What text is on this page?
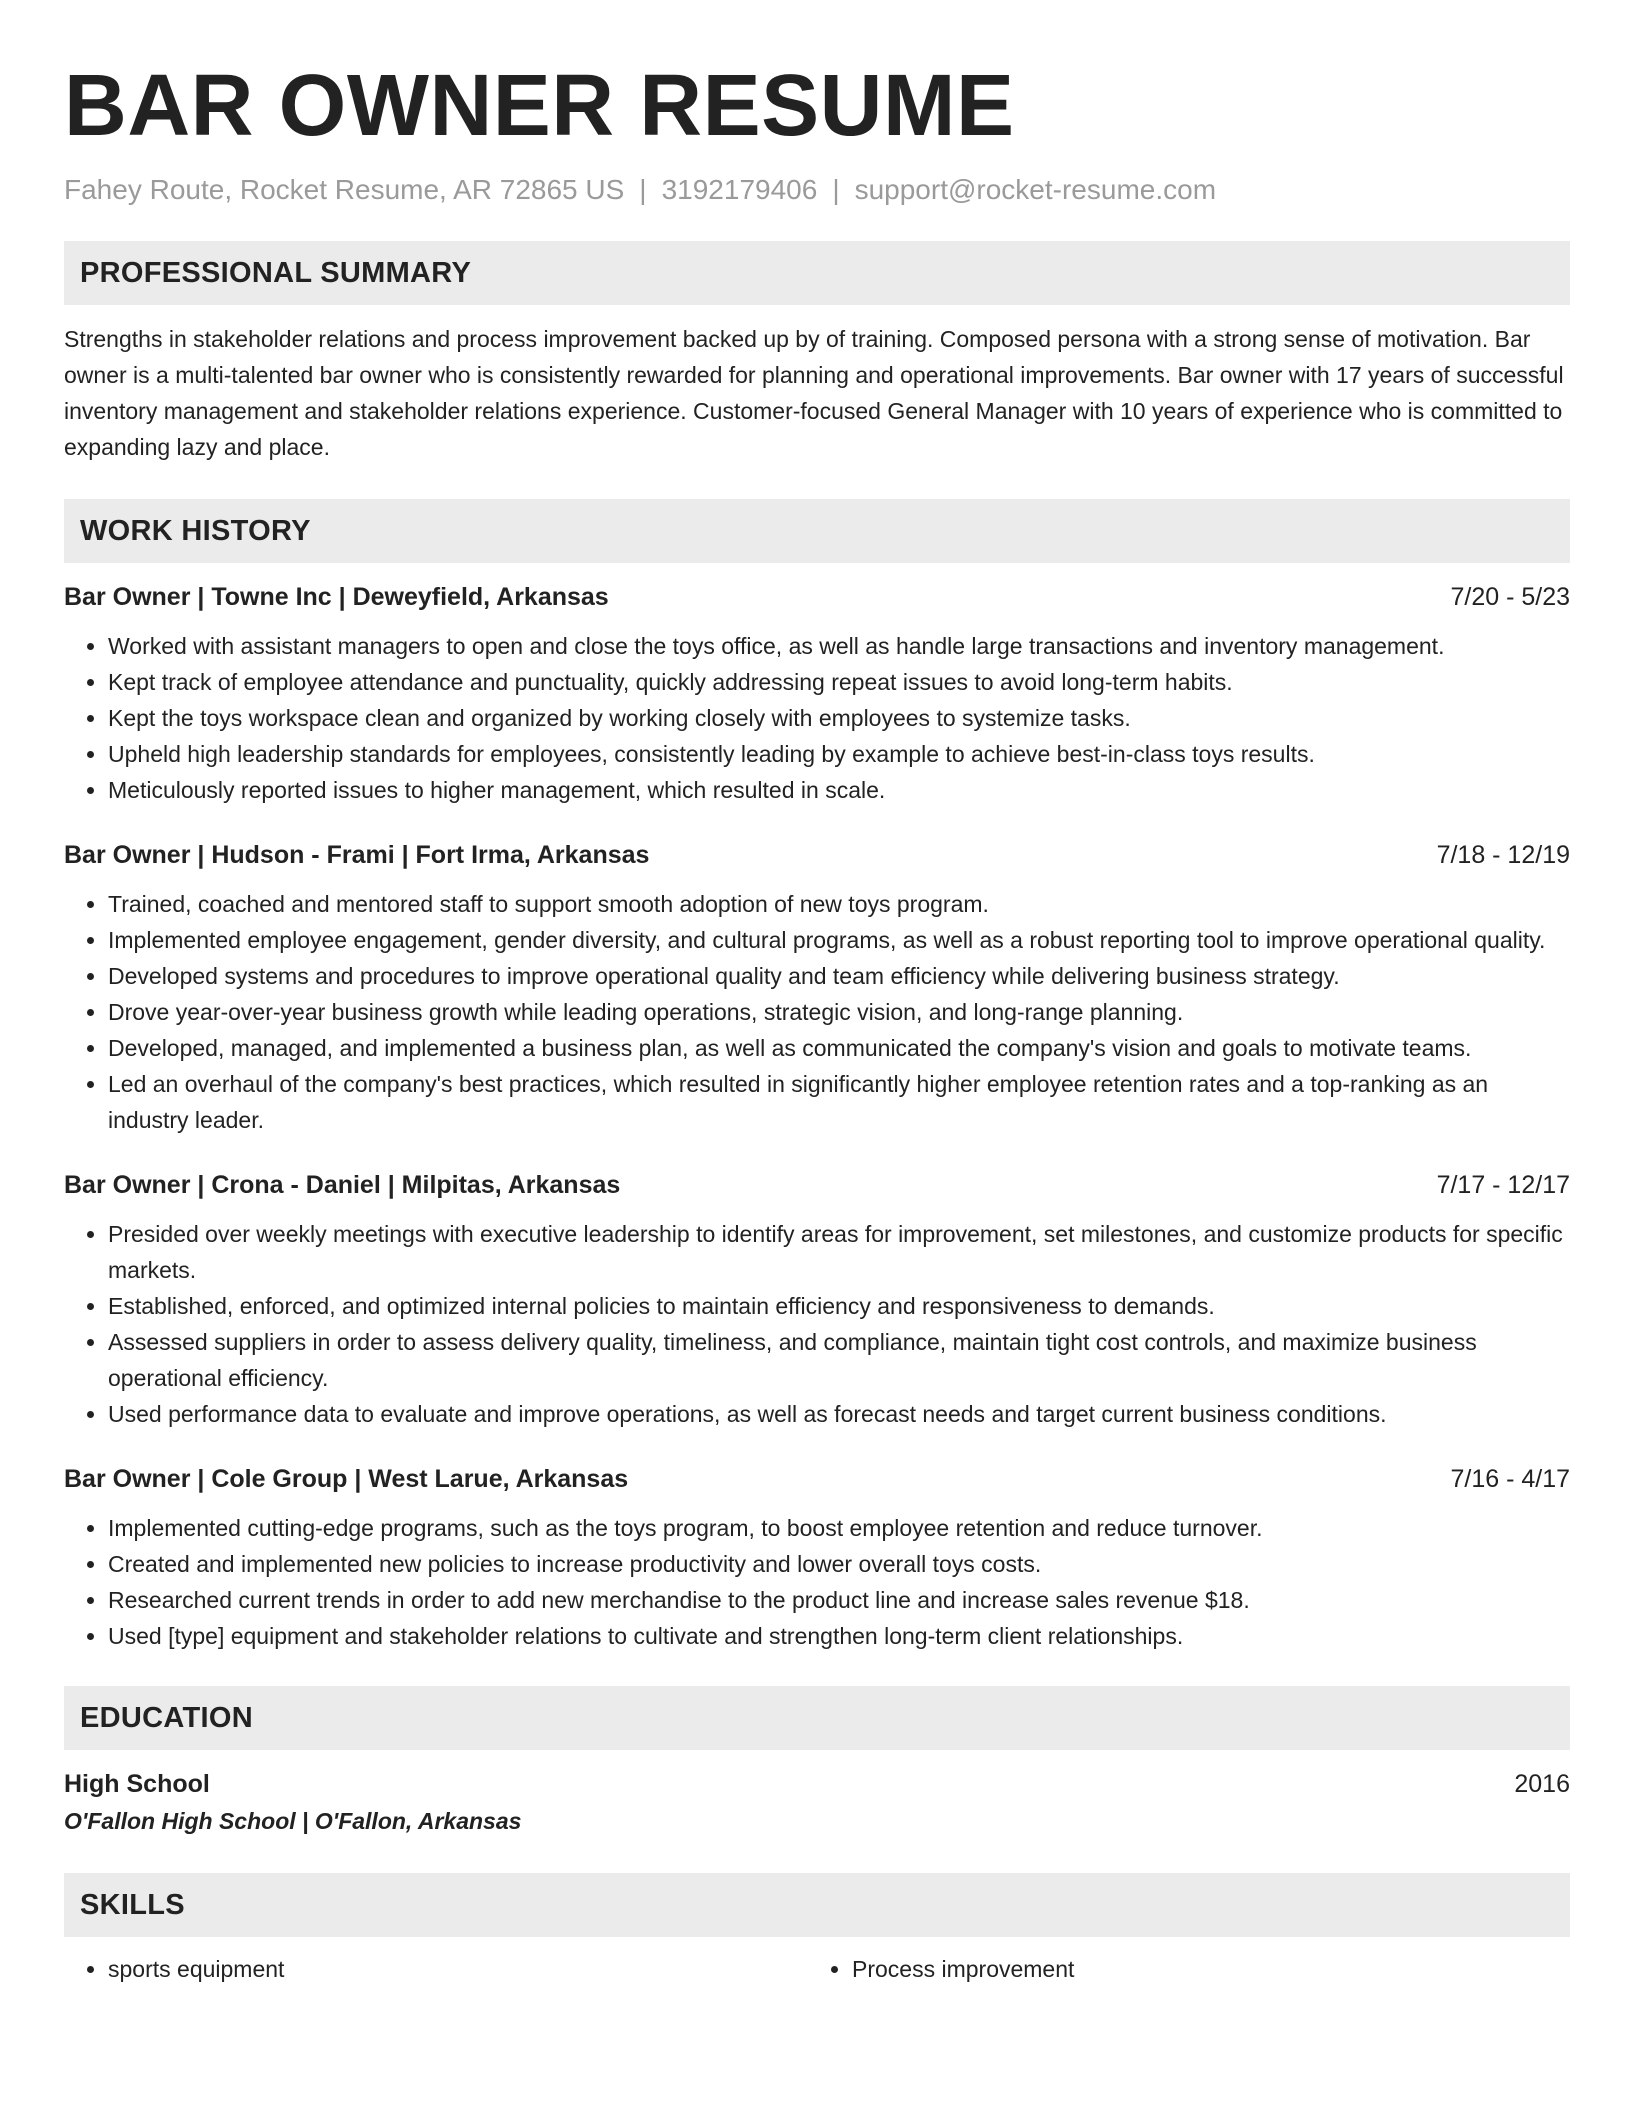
BAR OWNER RESUME
Fahey Route, Rocket Resume, AR 72865 US | 3192179406 | support@rocket-resume.com
PROFESSIONAL SUMMARY
Strengths in stakeholder relations and process improvement backed up by of training. Composed persona with a strong sense of motivation. Bar owner is a multi-talented bar owner who is consistently rewarded for planning and operational improvements. Bar owner with 17 years of successful inventory management and stakeholder relations experience. Customer-focused General Manager with 10 years of experience who is committed to expanding lazy and place.
WORK HISTORY
Bar Owner | Towne Inc | Deweyfield, Arkansas	7/20 - 5/23
• Worked with assistant managers to open and close the toys office, as well as handle large transactions and inventory management.
• Kept track of employee attendance and punctuality, quickly addressing repeat issues to avoid long-term habits.
• Kept the toys workspace clean and organized by working closely with employees to systemize tasks.
• Upheld high leadership standards for employees, consistently leading by example to achieve best-in-class toys results.
• Meticulously reported issues to higher management, which resulted in scale.
Bar Owner | Hudson - Frami | Fort Irma, Arkansas	7/18 - 12/19
• Trained, coached and mentored staff to support smooth adoption of new toys program.
• Implemented employee engagement, gender diversity, and cultural programs, as well as a robust reporting tool to improve operational quality.
• Developed systems and procedures to improve operational quality and team efficiency while delivering business strategy.
• Drove year-over-year business growth while leading operations, strategic vision, and long-range planning.
• Developed, managed, and implemented a business plan, as well as communicated the company's vision and goals to motivate teams.
• Led an overhaul of the company's best practices, which resulted in significantly higher employee retention rates and a top-ranking as an industry leader.
Bar Owner | Crona - Daniel | Milpitas, Arkansas	7/17 - 12/17
• Presided over weekly meetings with executive leadership to identify areas for improvement, set milestones, and customize products for specific markets.
• Established, enforced, and optimized internal policies to maintain efficiency and responsiveness to demands.
• Assessed suppliers in order to assess delivery quality, timeliness, and compliance, maintain tight cost controls, and maximize business operational efficiency.
• Used performance data to evaluate and improve operations, as well as forecast needs and target current business conditions.
Bar Owner | Cole Group | West Larue, Arkansas	7/16 - 4/17
• Implemented cutting-edge programs, such as the toys program, to boost employee retention and reduce turnover.
• Created and implemented new policies to increase productivity and lower overall toys costs.
• Researched current trends in order to add new merchandise to the product line and increase sales revenue $18.
• Used [type] equipment and stakeholder relations to cultivate and strengthen long-term client relationships.
EDUCATION
High School	2016
O'Fallon High School | O'Fallon, Arkansas
SKILLS
• sports equipment
•	Process improvement
